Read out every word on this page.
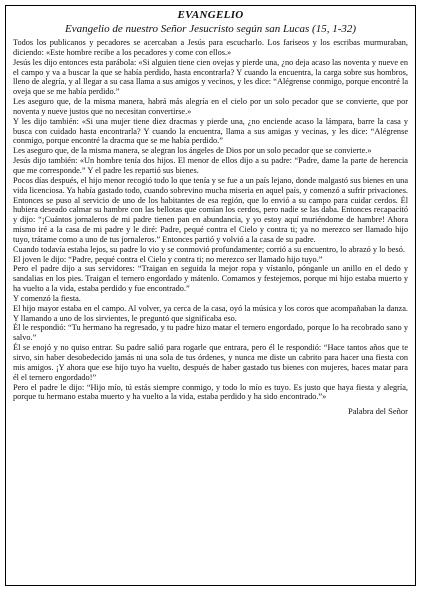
EVANGELIO
Evangelio de nuestro Señor Jesucristo según san Lucas (15, 1-32)

Todos los publicanos y pecadores se acercaban a Jesús para escucharlo. Los fariseos y los escribas murmuraban, diciendo: «Este hombre recibe a los pecadores y come con ellos.»

Jesús les dijo entonces esta parábola: «Si alguien tiene cien ovejas y pierde una, ¿no deja acaso las noventa y nueve en el campo y va a buscar la que se había perdido, hasta encontrarla? Y cuando la encuentra, la carga sobre sus hombros, lleno de alegría, y al llegar a su casa llama a sus amigos y vecinos, y les dice: “Alégrense conmigo, porque encontré la oveja que se me había perdido.”

Les aseguro que, de la misma manera, habrá más alegría en el cielo por un solo pecador que se convierte, que por noventa y nueve justos que no necesitan convertirse.»

Y les dijo también: «Si una mujer tiene diez dracmas y pierde una, ¿no enciende acaso la lámpara, barre la casa y busca con cuidado hasta encontrarla? Y cuando la encuentra, llama a sus amigas y vecinas, y les dice: “Alégrense conmigo, porque encontré la dracma que se me había perdido.”

Les aseguro que, de la misma manera, se alegran los ángeles de Dios por un solo pecador que se convierte.»

Jesús dijo también: «Un hombre tenía dos hijos. El menor de ellos dijo a su padre: “Padre, dame la parte de herencia que me corresponde.” Y el padre les repartió sus bienes.

Pocos días después, el hijo menor recogió todo lo que tenía y se fue a un país lejano, donde malgastó sus bienes en una vida licenciosa. Ya había gastado todo, cuando sobrevino mucha miseria en aquel país, y comenzó a sufrir privaciones. Entonces se puso al servicio de uno de los habitantes de esa región, que lo envió a su campo para cuidar cerdos. Él hubiera deseado calmar su hambre con las bellotas que comían los cerdos, pero nadie se las daba. Entonces recapacitó y dijo: “¡Cuántos jornaleros de mi padre tienen pan en abundancia, y yo estoy aquí muriéndome de hambre! Ahora mismo iré a la casa de mi padre y le diré: Padre, pequé contra el Cielo y contra ti; ya no merezco ser llamado hijo tuyo, trátame como a uno de tus jornaleros.” Entonces partió y volvió a la casa de su padre.

Cuando todavía estaba lejos, su padre lo vio y se conmovió profundamente; corrió a su encuentro, lo abrazó y lo besó.

El joven le dijo: “Padre, pequé contra el Cielo y contra ti; no merezco ser llamado hijo tuyo.”

Pero el padre dijo a sus servidores: “Traigan en seguida la mejor ropa y vístanlo, pónganle un anillo en el dedo y sandalias en los pies. Traigan el ternero engordado y mátenlo. Comamos y festejemos, porque mi hijo estaba muerto y ha vuelto a la vida, estaba perdido y fue encontrado.”

Y comenzó la fiesta.

El hijo mayor estaba en el campo. Al volver, ya cerca de la casa, oyó la música y los coros que acompañaban la danza. Y llamando a uno de los sirvientes, le preguntó que significaba eso.

Él le respondió: “Tu hermano ha regresado, y tu padre hizo matar el ternero engordado, porque lo ha recobrado sano y salvo.”

Él se enojó y no quiso entrar. Su padre salió para rogarle que entrara, pero él le respondió: “Hace tantos años que te sirvo, sin haber desobedecido jamás ni una sola de tus órdenes, y nunca me diste un cabrito para hacer una fiesta con mis amigos. ¡Y ahora que ese hijo tuyo ha vuelto, después de haber gastado tus bienes con mujeres, haces matar para él el ternero engordado!”

Pero el padre le dijo: “Hijo mío, tú estás siempre conmigo, y todo lo mío es tuyo. Es justo que haya fiesta y alegría, porque tu hermano estaba muerto y ha vuelto a la vida, estaba perdido y ha sido encontrado.”»

Palabra del Señor
